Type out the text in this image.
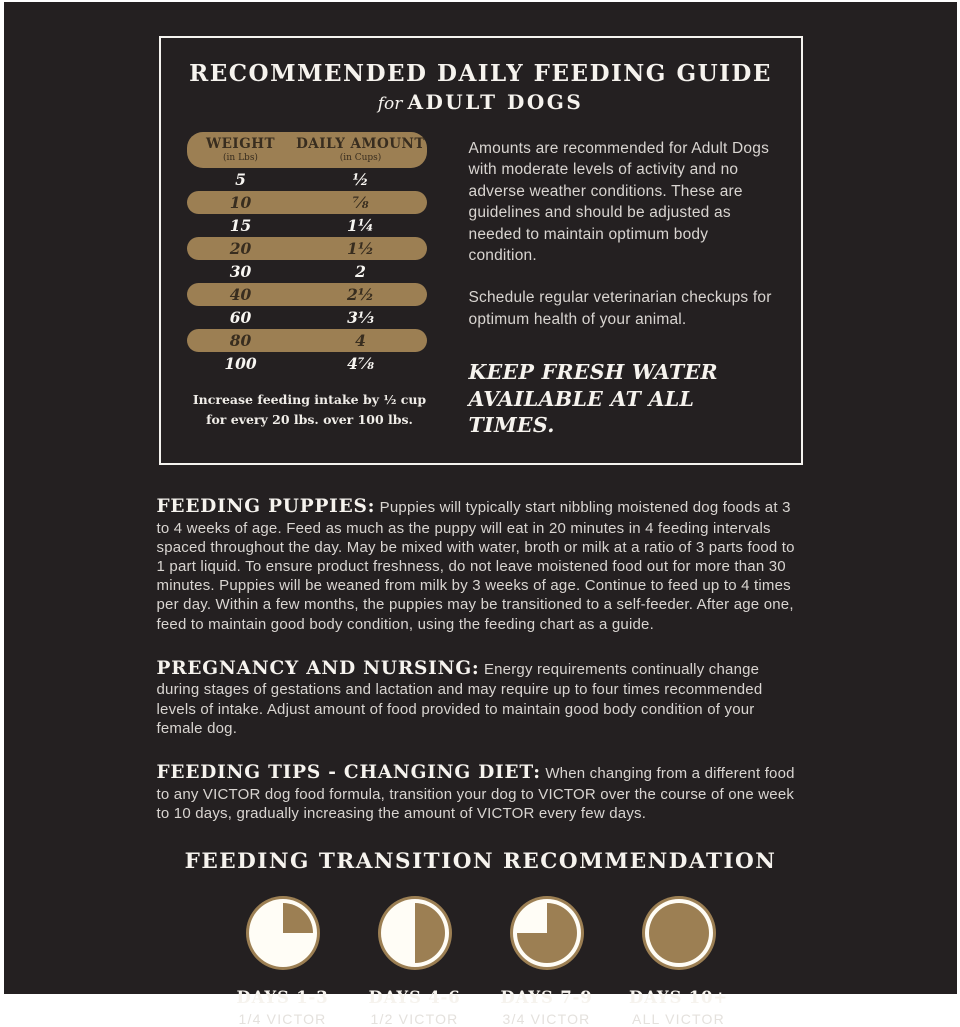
RECOMMENDED DAILY FEEDING GUIDE
for ADULT DOGS
WEIGHT
(in Lbs)
DAILY AMOUNT
(in Cups)
5	½
10	⅞
15	1¼
20	1½
30	2
40	2½
60	3⅓
80	4
100	4⅞
Increase feeding intake by ½ cup for every 20 lbs. over 100 lbs.

Amounts are recommended for Adult Dogs with moderate levels of activity and no adverse weather conditions. These are guidelines and should be adjusted as needed to maintain optimum body condition.

Schedule regular veterinarian checkups for optimum health of your animal.

KEEP FRESH WATER AVAILABLE AT ALL TIMES.

FEEDING PUPPIES: Puppies will typically start nibbling moistened dog foods at 3 to 4 weeks of age. Feed as much as the puppy will eat in 20 minutes in 4 feeding intervals spaced throughout the day. May be mixed with water, broth or milk at a ratio of 3 parts food to 1 part liquid. To ensure product freshness, do not leave moistened food out for more than 30 minutes. Puppies will be weaned from milk by 3 weeks of age. Continue to feed up to 4 times per day. Within a few months, the puppies may be transitioned to a self-feeder. After age one, feed to maintain good body condition, using the feeding chart as a guide.

PREGNANCY AND NURSING: Energy requirements continually change during stages of gestations and lactation and may require up to four times recommended levels of intake. Adjust amount of food provided to maintain good body condition of your female dog.

FEEDING TIPS - CHANGING DIET: When changing from a different food to any VICTOR dog food formula, transition your dog to VICTOR over the course of one week to 10 days, gradually increasing the amount of VICTOR every few days.

FEEDING TRANSITION RECOMMENDATION
DAYS 1-3
1/4 VICTOR
DAYS 4-6
1/2 VICTOR
DAYS 7-9
3/4 VICTOR
DAYS 10+
ALL VICTOR
